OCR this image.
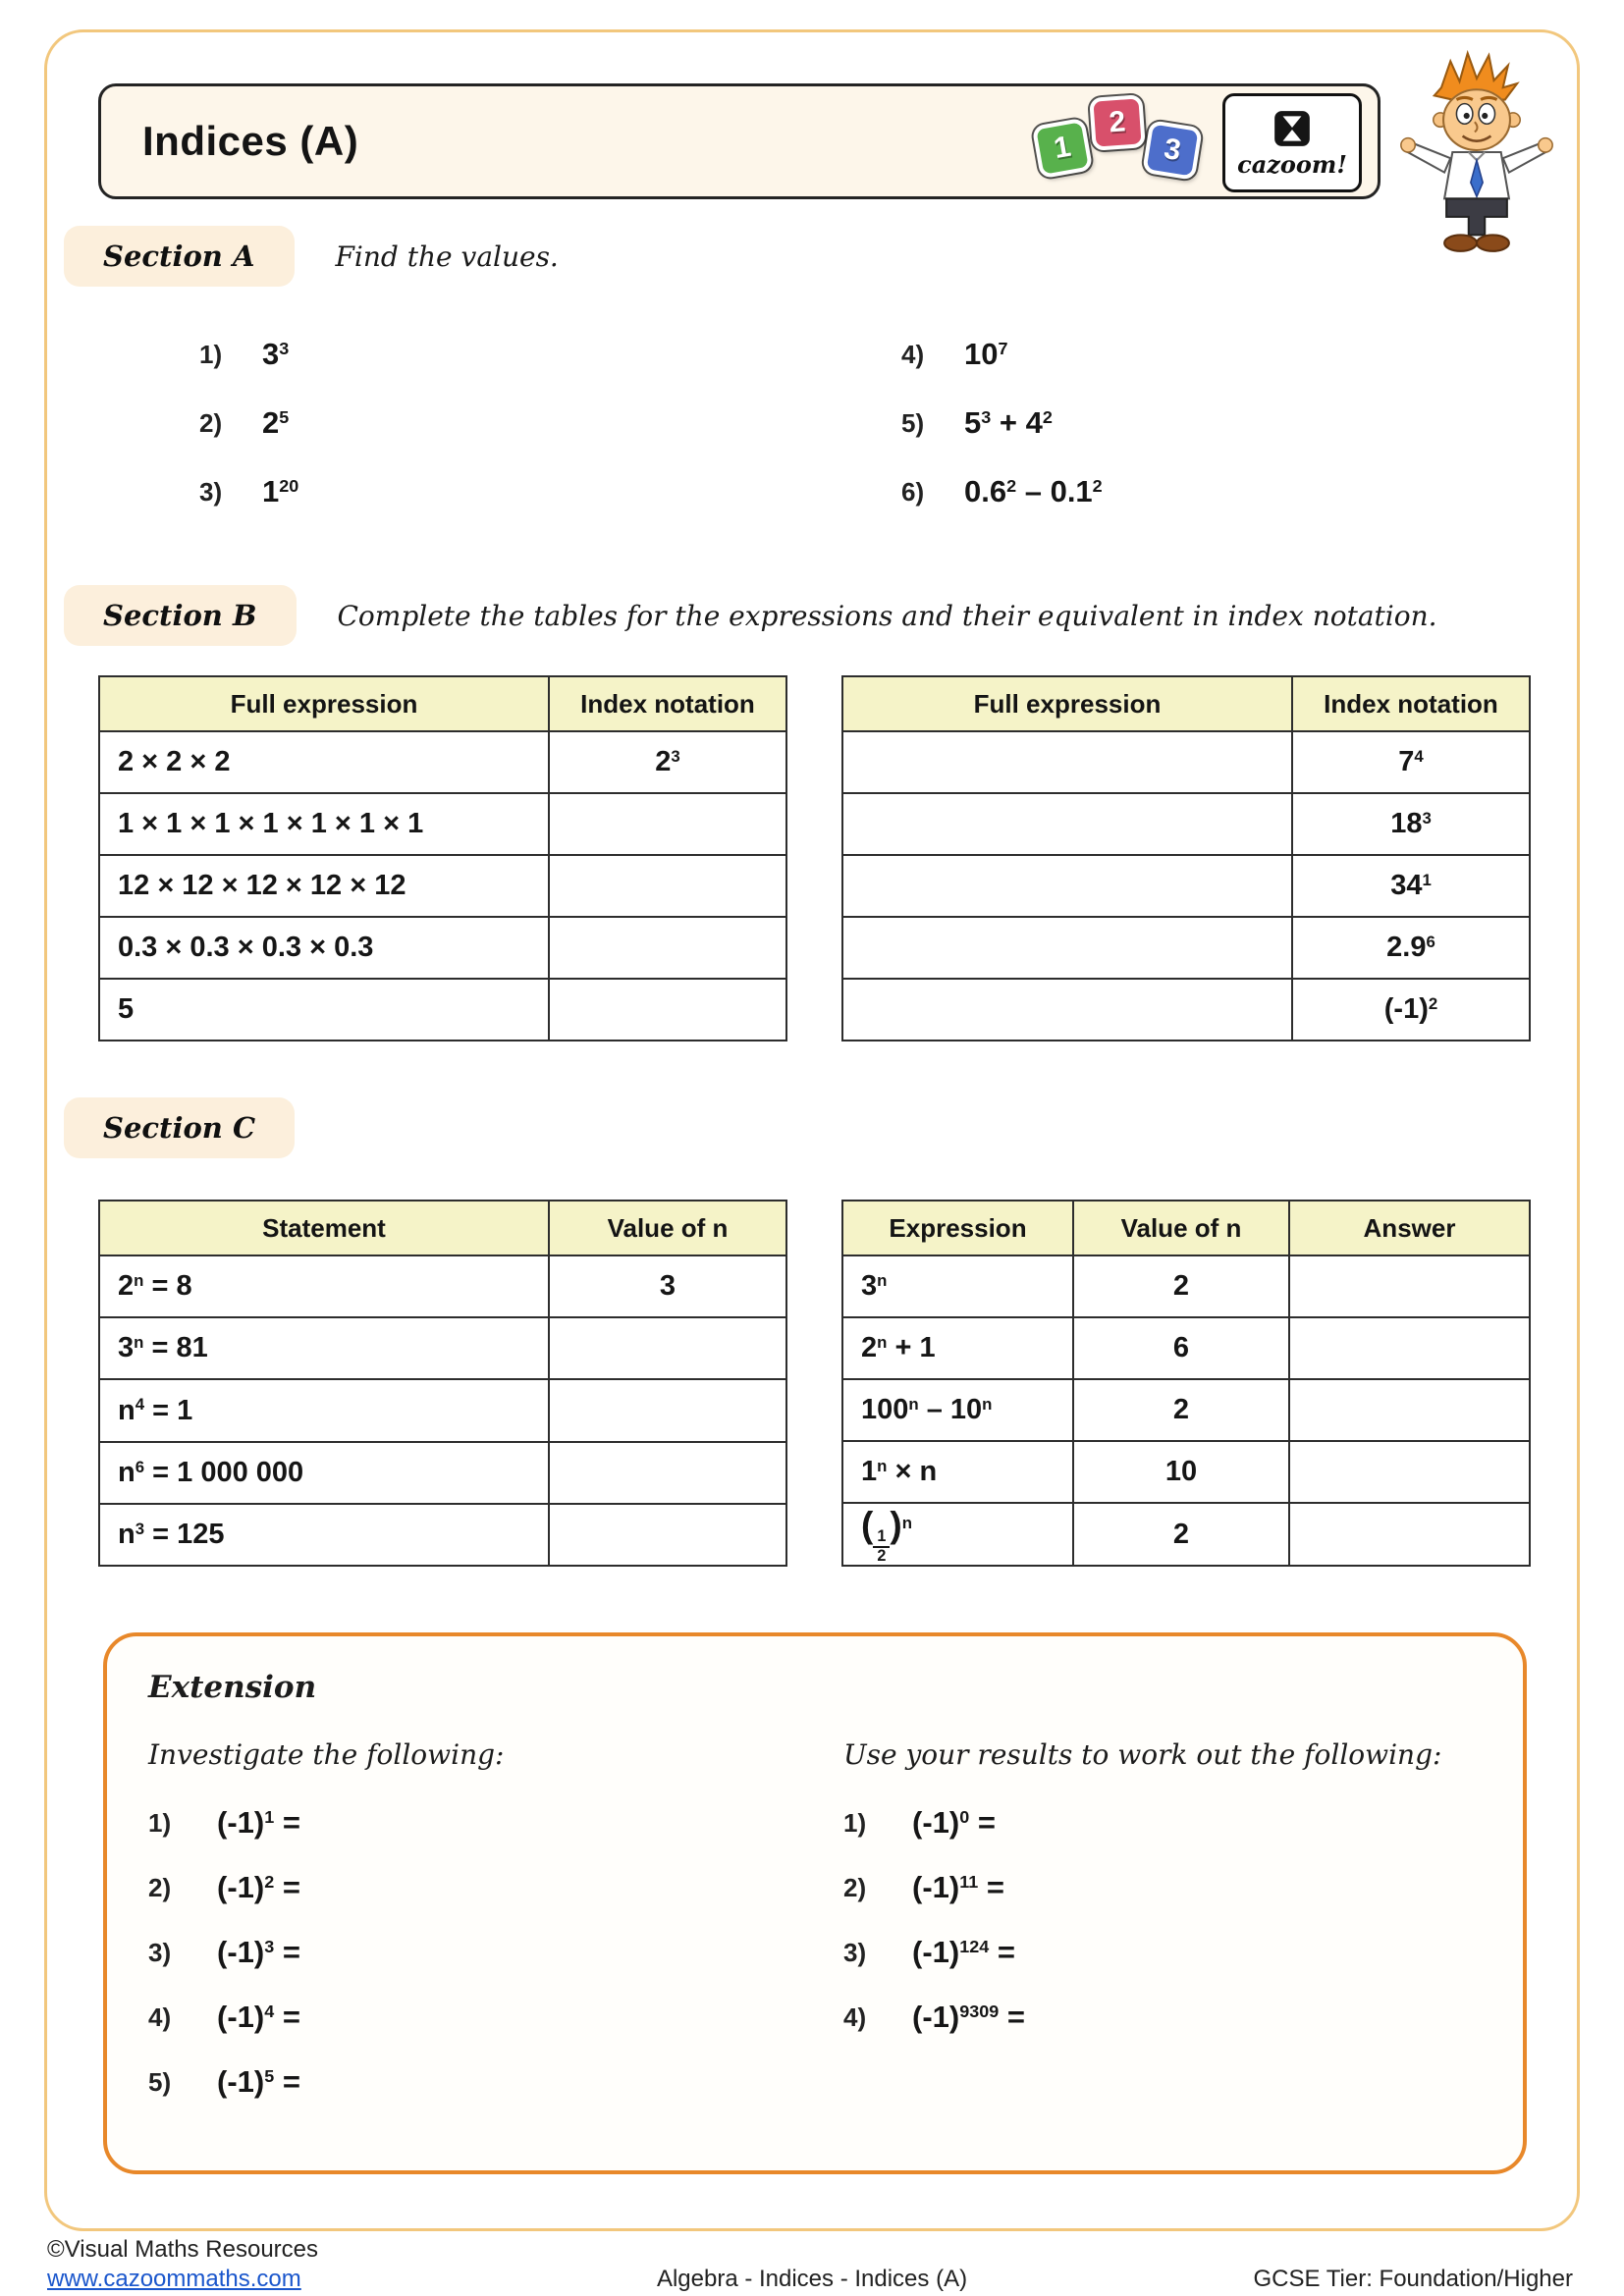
Indices (A)	1
2
3	cazoom!
Section A	Find the values.
1)	$3^3$
2)	$2^5$
3)	$1^{20}$
4)	$10^7$
5)	$5^3 + 4^2$
6)	$0.6^2 - 0.1^2$
Section B	Complete the tables for the expressions and their equivalent in index notation.
Full expression	Index notation
2 × 2 × 2	$2^3$
1 × 1 × 1 × 1 × 1 × 1 × 1	
12 × 12 × 12 × 12 × 12	
0.3 × 0.3 × 0.3 × 0.3	
5	
Full expression	Index notation
	$7^4$
	$18^3$
	$34^1$
	$2.9^6$
	$(-1)^2$
Section C
Statement	Value of n
$2^n = 8$	3
$3^n = 81$	
$n^4 = 1$	
$n^6 = 1$ 000 000	
$n^3 = 125$	
Expression	Value of n	Answer
3$^n$	2	
$2^n + 1$	6	
100$^n$ – 10$^n$	2	
$1^n \times n$	10	
(
$\frac{1}{2}$
)$^n$	2	
Extension
Investigate the following:	Use your results to work out the following:
1)	$(-1)^1$ =
2)	$(-1)^2$ =
3)	$(-1)^3$ =
4)	$(-1)^4$ =
5)	$(-1)^5$ =
1)	$(-1)^0$ =
2)	$(-1)^{11}$ =
3)	$(-1)^{124}$ =
4)	$(-1)^{9309}$ =
©Visual Maths Resources
www.cazoommaths.com	Algebra - Indices - Indices (A)	GCSE Tier: Foundation/Higher
